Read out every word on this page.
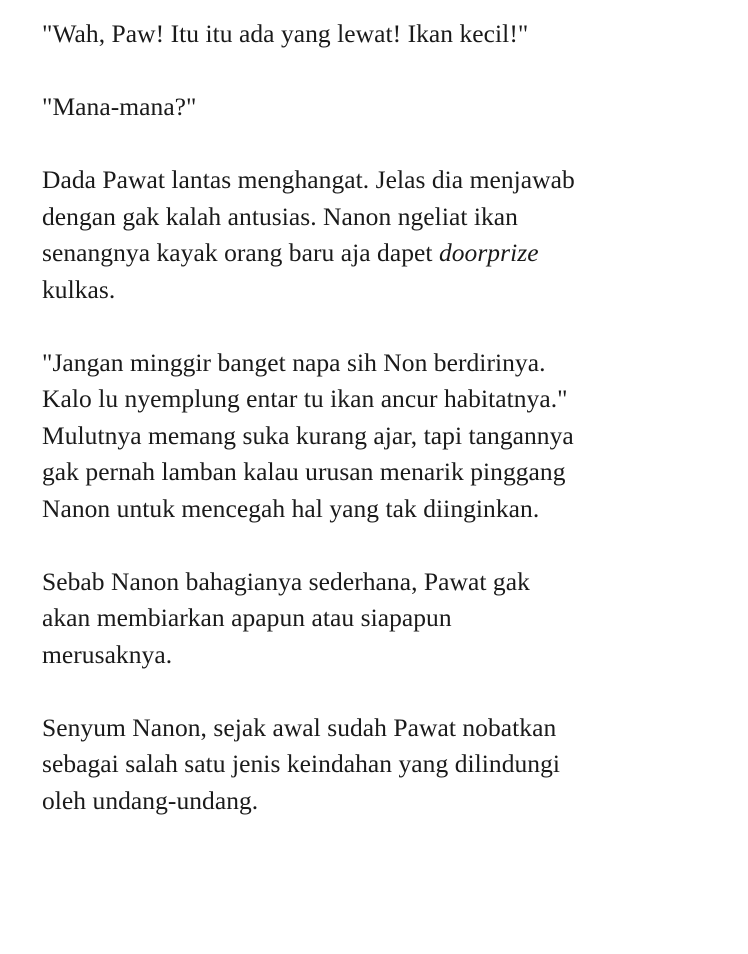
"Wah, Paw! Itu itu ada yang lewat! Ikan kecil!"

"Mana-mana?"

Dada Pawat lantas menghangat. Jelas dia menjawab
dengan gak kalah antusias. Nanon ngeliat ikan
senangnya kayak orang baru aja dapet doorprize
kulkas.

"Jangan minggir banget napa sih Non berdirinya.
Kalo lu nyemplung entar tu ikan ancur habitatnya."
Mulutnya memang suka kurang ajar, tapi tangannya
gak pernah lamban kalau urusan menarik pinggang
Nanon untuk mencegah hal yang tak diinginkan.

Sebab Nanon bahagianya sederhana, Pawat gak
akan membiarkan apapun atau siapapun
merusaknya.

Senyum Nanon, sejak awal sudah Pawat nobatkan
sebagai salah satu jenis keindahan yang dilindungi
oleh undang-undang.
